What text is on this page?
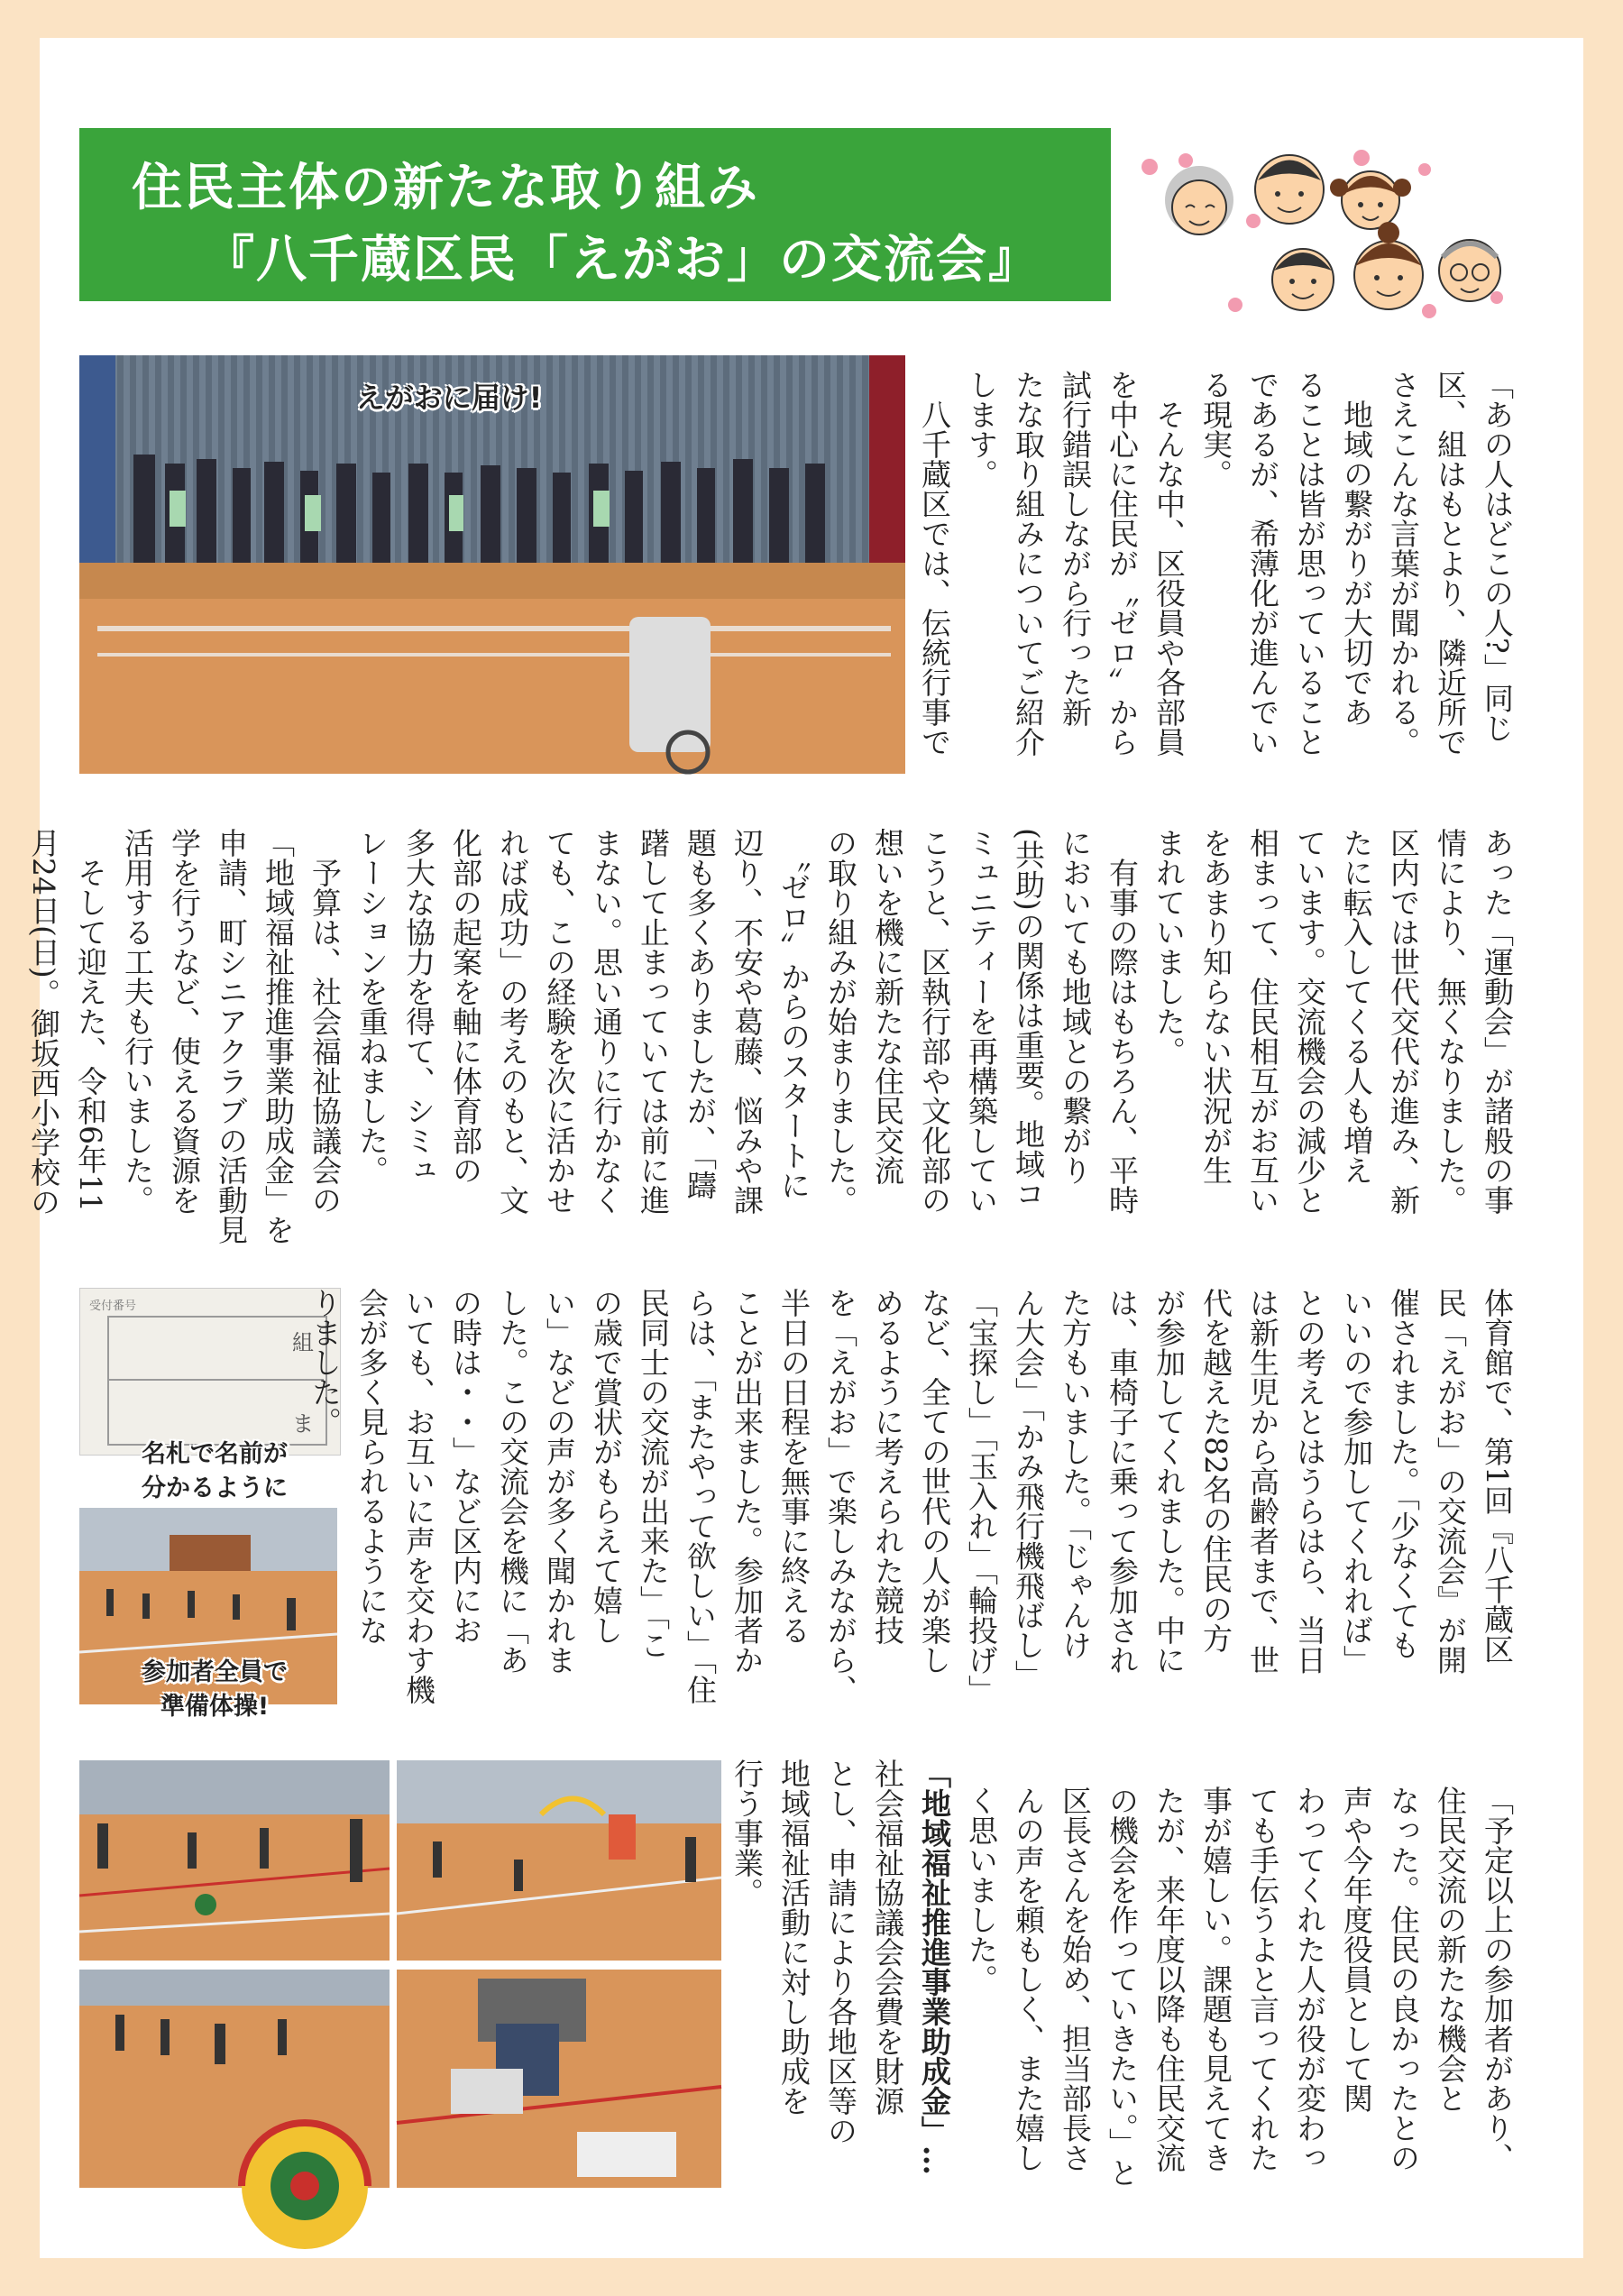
住民主体の新たな取り組み
『八千蔵区民「えがお」の交流会』
えがおに届け!	「あの人はどこの人?」同じ
区、組はもとより、隣近所で
さえこんな言葉が聞かれる。
　地域の繋がりが大切であ
ることは皆が思っていること
であるが、希薄化が進んでい
る現実。
　そんな中、区役員や各部員
を中心に住民が〝ゼロ〟から
試行錯誤しながら行った新
たな取り組みについてご紹介
します。
　八千蔵区では、伝統行事で
あった「運動会」が諸般の事
情により、無くなりました。
区内では世代交代が進み、新
たに転入してくる人も増え
ています。交流機会の減少と
相まって、住民相互がお互い
をあまり知らない状況が生
まれていました。
　有事の際はもちろん、平時
においても地域との繋がり
(共助)の関係は重要。地域コ
ミュニティーを再構築してい
こうと、区執行部や文化部の
想いを機に新たな住民交流
の取り組みが始まりました。
　〝ゼロ〟からのスタートに
辺り、不安や葛藤、悩みや課
題も多くありましたが、「躊
躇して止まっていては前に進
まない。思い通りに行かなく
ても、この経験を次に活かせ
れば成功」の考えのもと、文
化部の起案を軸に体育部の
多大な協力を得て、シミュ
レーションを重ねました。
　予算は、社会福祉協議会の
「地域福祉推進事業助成金」を
申請、町シニアクラブの活動見
学を行うなど、使える資源を
活用する工夫も行いました。
　そして迎えた、令和6年11
月24日(日)。御坂西小学校の
受付番号
組
ま
名札で名前が
分かるように
参加者全員で
準備体操!
体育館で、第1回『八千蔵区
民「えがお」の交流会』が開
催されました。「少なくても
いいので参加してくれれば」
との考えとはうらはら、当日
は新生児から高齢者まで、世
代を越えた82名の住民の方
が参加してくれました。中に
は、車椅子に乗って参加され
た方もいました。「じゃんけ
ん大会」「かみ飛行機飛ばし」
「宝探し」「玉入れ」「輪投げ」
など、全ての世代の人が楽し
めるように考えられた競技
を「えがお」で楽しみながら、
半日の日程を無事に終える
ことが出来ました。参加者か
らは、「またやって欲しい」「住
民同士の交流が出来た」「こ
の歳で賞状がもらえて嬉し
い」などの声が多く聞かれま
した。この交流会を機に「あ
の時は・・」など区内にお
いても、お互いに声を交わす機
会が多く見られるようにな
りました。
「予定以上の参加者があり、
住民交流の新たな機会と
なった。住民の良かったとの
声や今年度役員として関
わってくれた人が役が変わっ
ても手伝うよと言ってくれた
事が嬉しい。課題も見えてき
たが、来年度以降も住民交流
の機会を作っていきたい。」と
区長さんを始め、担当部長さ
んの声を頼もしく、また嬉し
く思いました。
「地域福祉推進事業助成金」…
社会福祉協議会会費を財源
とし、申請により各地区等の
地域福祉活動に対し助成を
行う事業。
